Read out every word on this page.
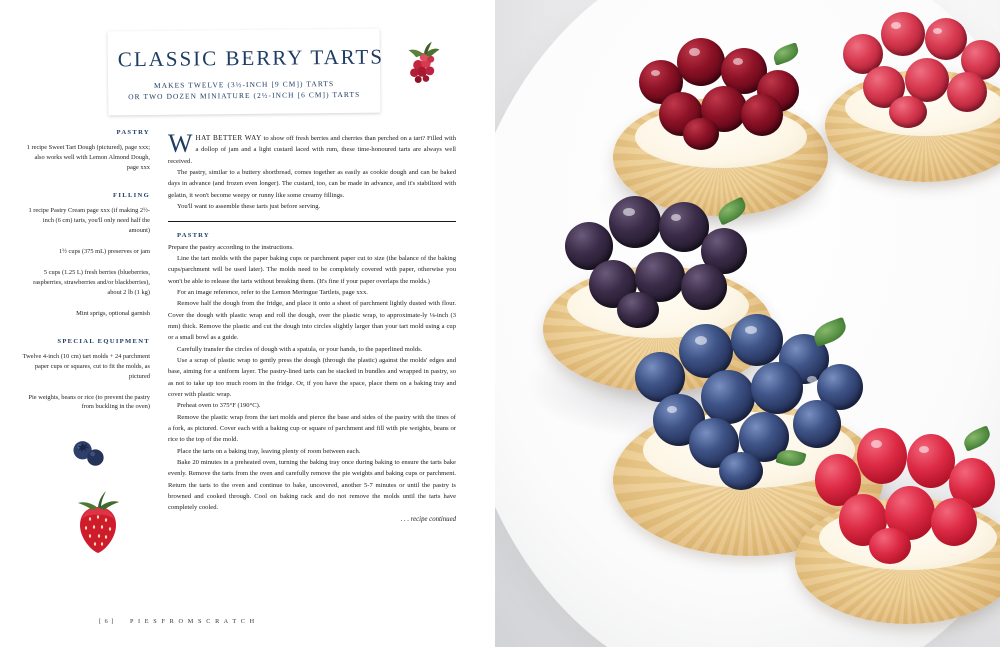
CLASSIC BERRY TARTS
MAKES TWELVE (3½-INCH [9 CM]) TARTS
OR TWO DOZEN MINIATURE (2½-INCH [6 CM]) TARTS
PASTRY
1 recipe Sweet Tart Dough (pictured), page xxx; also works well with Lemon Almond Dough, page xxx
FILLING
1 recipe Pastry Cream page xxx (if making 2½-inch (6 cm) tarts, you'll only need half the amount)
1½ cups (375 mL) preserves or jam
5 cups (1.25 L) fresh berries (blueberries, raspberries, strawberries and/or blackberries), about 2 lb (1 kg)
Mint sprigs, optional garnish
SPECIAL EQUIPMENT
Twelve 4-inch (10 cm) tart molds + 24 parchment paper cups or squares, cut to fit the molds, as pictured
Pie weights, beans or rice (to prevent the pastry from buckling in the oven)

WHAT BETTER WAY to show off fresh berries and cherries than perched on a tart? Filled with a dollop of jam and a light custard laced with rum, these time-honoured tarts are always well received.

The pastry, similar to a buttery shortbread, comes together as easily as cookie dough and can be baked days in advance (and frozen even longer). The custard, too, can be made in advance, and it's stabilized with gelatin, it won't become weepy or runny like some creamy fillings.

You'll want to assemble these tarts just before serving.

PASTRY

Prepare the pastry according to the instructions.

Line the tart molds with the paper baking cups or parchment paper cut to size (the balance of the baking cups/parchment will be used later). The molds need to be completely covered with paper, otherwise you won't be able to release the tarts without breaking them. (It's fine if your paper overlaps the molds.)

For an image reference, refer to the Lemon Meringue Tartlets, page xxx.

Remove half the dough from the fridge, and place it onto a sheet of parchment lightly dusted with flour. Cover the dough with plastic wrap and roll the dough, over the plastic wrap, to approximate-ly ⅛-inch (3 mm) thick. Remove the plastic and cut the dough into circles slightly larger than your tart mold using a cup or a small bowl as a guide.

Carefully transfer the circles of dough with a spatula, or your hands, to the paperlined molds.

Use a scrap of plastic wrap to gently press the dough (through the plastic) against the molds' edges and base, aiming for a uniform layer. The pastry-lined tarts can be stacked in bundles and wrapped in pastry, so as not to take up too much room in the fridge. Or, if you have the space, place them on a baking tray and cover with plastic wrap.

Preheat oven to 375°F (190°C).

Remove the plastic wrap from the tart molds and pierce the base and sides of the pastry with the tines of a fork, as pictured. Cover each with a baking cup or square of parchment and fill with pie weights, beans or rice to the top of the mold.

Place the tarts on a baking tray, leaving plenty of room between each.

Bake 20 minutes in a preheated oven, turning the baking tray once during baking to ensure the tarts bake evenly. Remove the tarts from the oven and carefully remove the pie weights and baking cups or parchment. Return the tarts to the oven and continue to bake, uncovered, another 5-7 minutes or until the pastry is browned and cooked through. Cool on baking rack and do not remove the molds until the tarts have completely cooled.

. . . recipe continued

[ 6 ]	P I E S F R O M S C R A T C H
